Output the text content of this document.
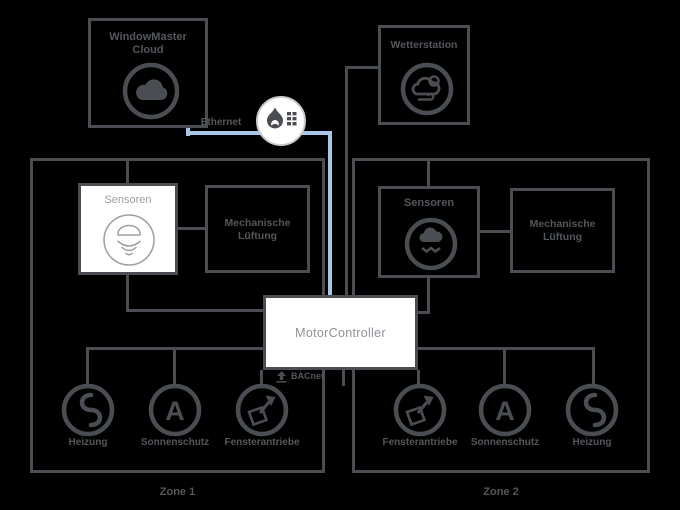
Zone 1	Zone 2
WindowMaster
Cloud	Wetterstation
Ethernet
Sensoren
Mechanische
Lüftung
Sensoren
Mechanische
Lüftung
MotorController
BACnet
Heizung
A
Sonnenschutz	Fensterantriebe	Fensterantriebe
A
Sonnenschutz	Heizung
